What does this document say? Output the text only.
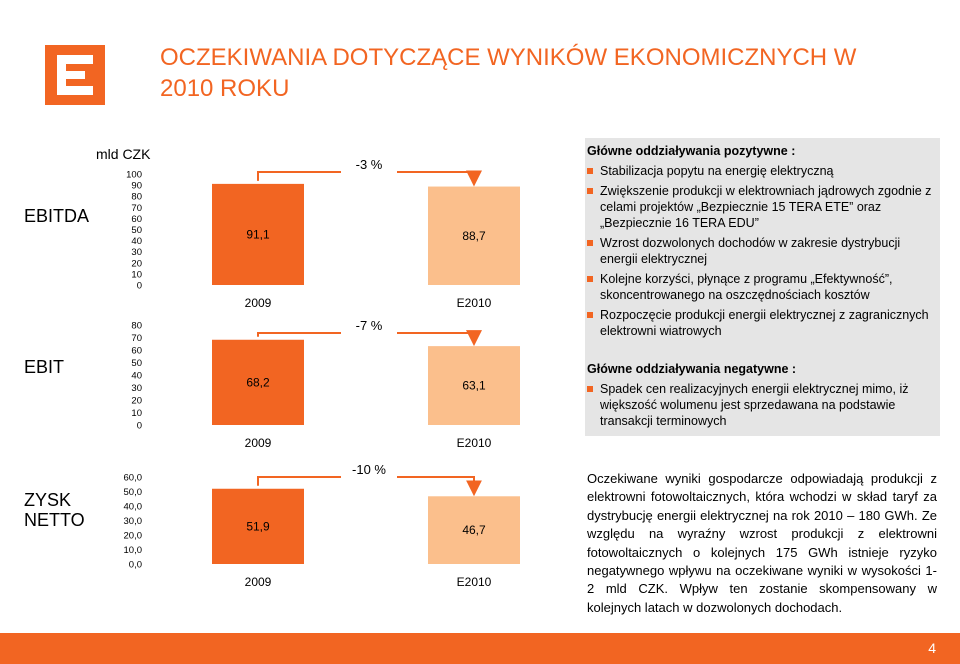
OCZEKIWANIA DOTYCZĄCE WYNIKÓW EKONOMICZNYCH W 2010 ROKU
EBITDA
EBIT
ZYSK NETTO
mld CZK
0
10
20
30
40
50
60
70
80
90
100
91,1
2009
88,7
E2010
-3 %
0
10
20
30
40
50
60
70
80
68,2
2009
63,1
E2010
-7 %
0,0
10,0
20,0
30,0
40,0
50,0
60,0
51,9
2009
46,7
E2010
-10 %
Główne oddziaływania pozytywne :
Stabilizacja popytu na energię elektryczną
Zwiększenie produkcji w elektrowniach jądrowych zgodnie z celami projektów „Bezpiecznie 15 TERA ETE” oraz „Bezpiecznie 16 TERA EDU”
Wzrost dozwolonych dochodów w zakresie dystrybucji energii elektrycznej
Kolejne korzyści, płynące z programu „Efektywność”, skoncentrowanego na oszczędnościach kosztów
Rozpoczęcie produkcji energii elektrycznej z zagranicznych elektrowni wiatrowych
Główne oddziaływania negatywne :
Spadek cen realizacyjnych energii elektrycznej mimo, iż większość wolumenu jest sprzedawana na podstawie transakcji terminowych
Oczekiwane wyniki gospodarcze odpowiadają produkcji z elektrowni fotowoltaicznych, która wchodzi w skład taryf za dystrybucję energii elektrycznej na rok 2010 – 180 GWh. Ze względu na wyraźny wzrost produkcji z elektrowni fotowoltaicznych o kolejnych 175 GWh istnieje ryzyko negatywnego wpływu na oczekiwane wyniki w wysokości 1-2 mld CZK. Wpływ ten zostanie skompensowany w kolejnych latach w dozwolonych dochodach.
4
